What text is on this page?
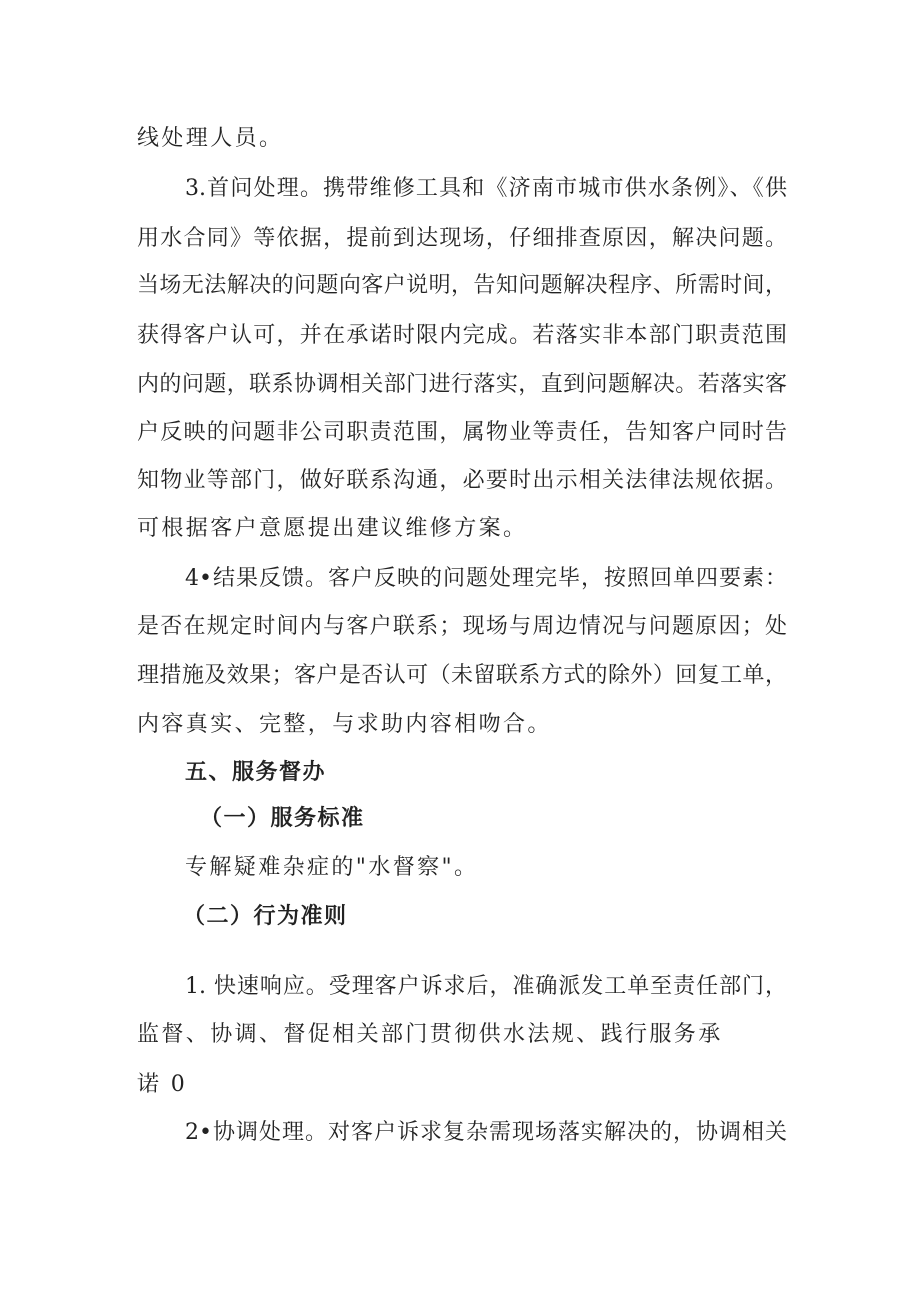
线处理人员。
3.首问处理。携带维修工具和《济南市城市供水条例》、《供
用水合同》等依据，提前到达现场，仔细排查原因，解决问题。
当场无法解决的问题向客户说明，告知问题解决程序、所需时间，
获得客户认可，并在承诺时限内完成。若落实非本部门职责范围
内的问题，联系协调相关部门进行落实，直到问题解决。若落实客
户反映的问题非公司职责范围，属物业等责任，告知客户同时告
知物业等部门，做好联系沟通，必要时出示相关法律法规依据。
可根据客户意愿提出建议维修方案。
4•结果反馈。客户反映的问题处理完毕，按照回单四要素：
是否在规定时间内与客户联系；现场与周边情况与问题原因；处
理措施及效果；客户是否认可（未留联系方式的除外）回复工单，
内容真实、完整，与求助内容相吻合。
五、服务督办
（一）服务标准
专解疑难杂症的"水督察"。
（二）行为准则
1. 快速响应。受理客户诉求后，准确派发工单至责任部门，
监督、协调、督促相关部门贯彻供水法规、践行服务承
诺 0
2•协调处理。对客户诉求复杂需现场落实解决的，协调相关
